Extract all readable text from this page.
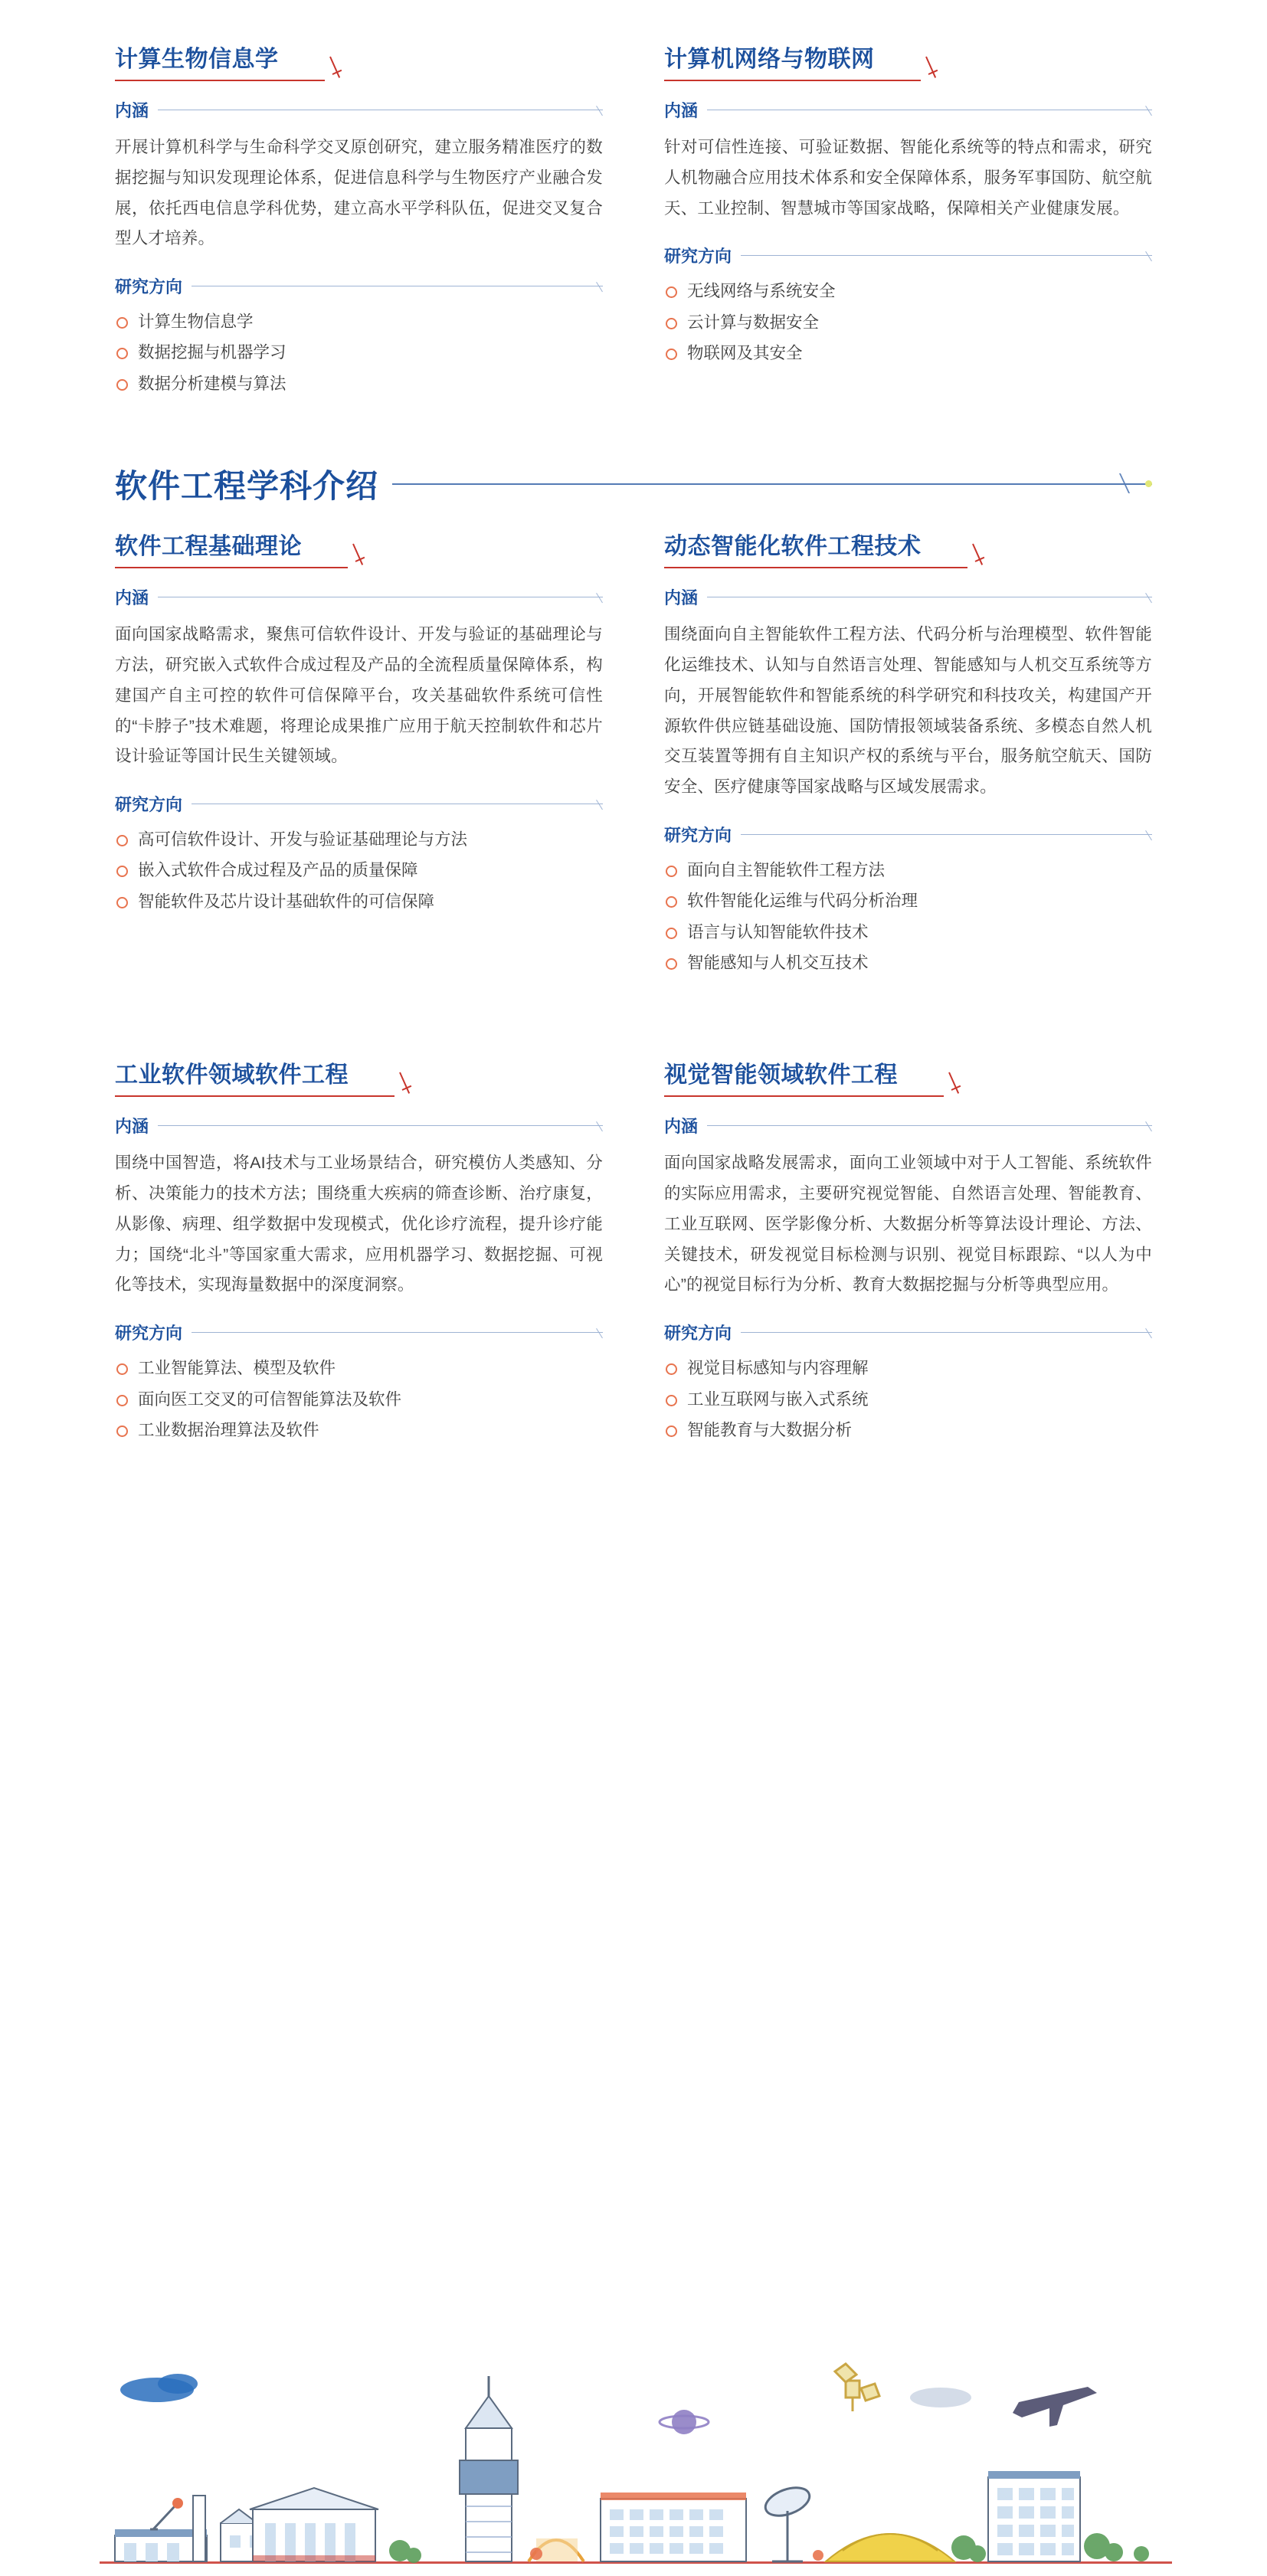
计算生物信息学
内涵

开展计算机科学与生命科学交叉原创研究，建立服务精准医疗的数据挖掘与知识发现理论体系，促进信息科学与生物医疗产业融合发展，依托西电信息学科优势，建立高水平学科队伍，促进交叉复合型人才培养。

研究方向
计算生物信息学
数据挖掘与机器学习
数据分析建模与算法
计算机网络与物联网
内涵

针对可信性连接、可验证数据、智能化系统等的特点和需求，研究人机物融合应用技术体系和安全保障体系，服务军事国防、航空航天、工业控制、智慧城市等国家战略，保障相关产业健康发展。

研究方向
无线网络与系统安全
云计算与数据安全
物联网及其安全
软件工程学科介绍
软件工程基础理论
内涵

面向国家战略需求，聚焦可信软件设计、开发与验证的基础理论与方法，研究嵌入式软件合成过程及产品的全流程质量保障体系，构建国产自主可控的软件可信保障平台，攻关基础软件系统可信性的“卡脖子”技术难题，将理论成果推广应用于航天控制软件和芯片设计验证等国计民生关键领域。

研究方向
高可信软件设计、开发与验证基础理论与方法
嵌入式软件合成过程及产品的质量保障
智能软件及芯片设计基础软件的可信保障
动态智能化软件工程技术
内涵

围绕面向自主智能软件工程方法、代码分析与治理模型、软件智能化运维技术、认知与自然语言处理、智能感知与人机交互系统等方向，开展智能软件和智能系统的科学研究和科技攻关，构建国产开源软件供应链基础设施、国防情报领域装备系统、多模态自然人机交互装置等拥有自主知识产权的系统与平台，服务航空航天、国防安全、医疗健康等国家战略与区域发展需求。

研究方向
面向自主智能软件工程方法
软件智能化运维与代码分析治理
语言与认知智能软件技术
智能感知与人机交互技术
工业软件领域软件工程
内涵

围绕中国智造，将AI技术与工业场景结合，研究模仿人类感知、分析、决策能力的技术方法；围绕重大疾病的筛查诊断、治疗康复，从影像、病理、组学数据中发现模式，优化诊疗流程，提升诊疗能力；国绕“北斗”等国家重大需求，应用机器学习、数据挖掘、可视化等技术，实现海量数据中的深度洞察。

研究方向
工业智能算法、模型及软件
面向医工交叉的可信智能算法及软件
工业数据治理算法及软件
视觉智能领域软件工程
内涵

面向国家战略发展需求，面向工业领域中对于人工智能、系统软件的实际应用需求，主要研究视觉智能、自然语言处理、智能教育、工业互联网、医学影像分析、大数据分析等算法设计理论、方法、关键技术，研发视觉目标检测与识别、视觉目标跟踪、“以人为中心”的视觉目标行为分析、教育大数据挖掘与分析等典型应用。

研究方向
视觉目标感知与内容理解
工业互联网与嵌入式系统
智能教育与大数据分析
